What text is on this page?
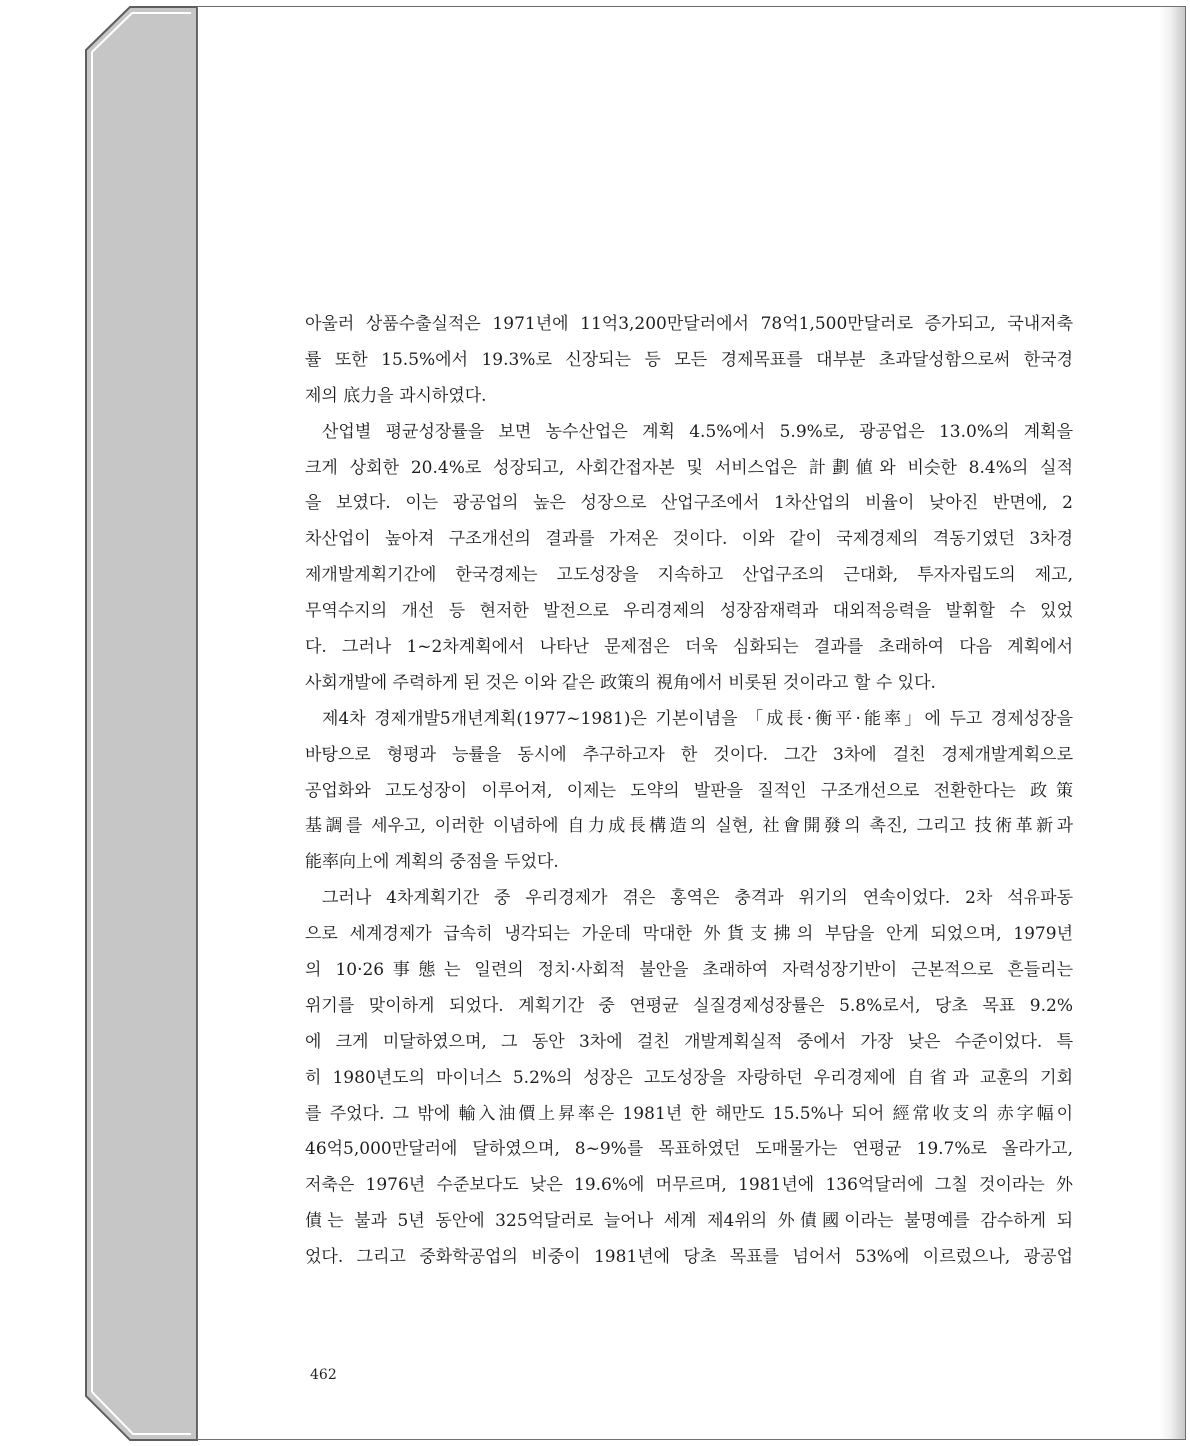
아울러 상품수출실적은 1971년에 11억3,200만달러에서 78억1,500만달러로 증가되고, 국내저축
률 또한 15.5%에서 19.3%로 신장되는 등 모든 경제목표를 대부분 초과달성함으로써 한국경
제의 底力을 과시하였다.
산업별 평균성장률을 보면 농수산업은 계획 4.5%에서 5.9%로, 광공업은 13.0%의 계획을
크게 상회한 20.4%로 성장되고, 사회간접자본 및 서비스업은 計劃値와 비슷한 8.4%의 실적
을 보였다. 이는 광공업의 높은 성장으로 산업구조에서 1차산업의 비율이 낮아진 반면에, 2
차산업이 높아져 구조개선의 결과를 가져온 것이다. 이와 같이 국제경제의 격동기였던 3차경
제개발계획기간에 한국경제는 고도성장을 지속하고 산업구조의 근대화, 투자자립도의 제고,
무역수지의 개선 등 현저한 발전으로 우리경제의 성장잠재력과 대외적응력을 발휘할 수 있었
다. 그러나 1~2차계획에서 나타난 문제점은 더욱 심화되는 결과를 초래하여 다음 계획에서
사회개발에 주력하게 된 것은 이와 같은 政策의 視角에서 비롯된 것이라고 할 수 있다.
제4차 경제개발5개년계획(1977~1981)은 기본이념을 「成長·衡平·能率」에 두고 경제성장을
바탕으로 형평과 능률을 동시에 추구하고자 한 것이다. 그간 3차에 걸친 경제개발계획으로
공업화와 고도성장이 이루어져, 이제는 도약의 발판을 질적인 구조개선으로 전환한다는 政策
基調를 세우고, 이러한 이념하에 自力成長構造의 실현, 社會開發의 촉진, 그리고 技術革新과
能率向上에 계획의 중점을 두었다.
그러나 4차계획기간 중 우리경제가 겪은 홍역은 충격과 위기의 연속이었다. 2차 석유파동
으로 세계경제가 급속히 냉각되는 가운데 막대한 外貨支拂의 부담을 안게 되었으며, 1979년
의 10·26事態는 일련의 정치·사회적 불안을 초래하여 자력성장기반이 근본적으로 흔들리는
위기를 맞이하게 되었다. 계획기간 중 연평균 실질경제성장률은 5.8%로서, 당초 목표 9.2%
에 크게 미달하였으며, 그 동안 3차에 걸친 개발계획실적 중에서 가장 낮은 수준이었다. 특
히 1980년도의 마이너스 5.2%의 성장은 고도성장을 자랑하던 우리경제에 自省과 교훈의 기회
를 주었다. 그 밖에 輸入油價上昇率은 1981년 한 해만도 15.5%나 되어 經常收支의 赤字幅이
46억5,000만달러에 달하였으며, 8~9%를 목표하였던 도매물가는 연평균 19.7%로 올라가고,
저축은 1976년 수준보다도 낮은 19.6%에 머무르며, 1981년에 136억달러에 그칠 것이라는 外
債는 불과 5년 동안에 325억달러로 늘어나 세계 제4위의 外債國이라는 불명예를 감수하게 되
었다. 그리고 중화학공업의 비중이 1981년에 당초 목표를 넘어서 53%에 이르렀으나, 광공업
462
